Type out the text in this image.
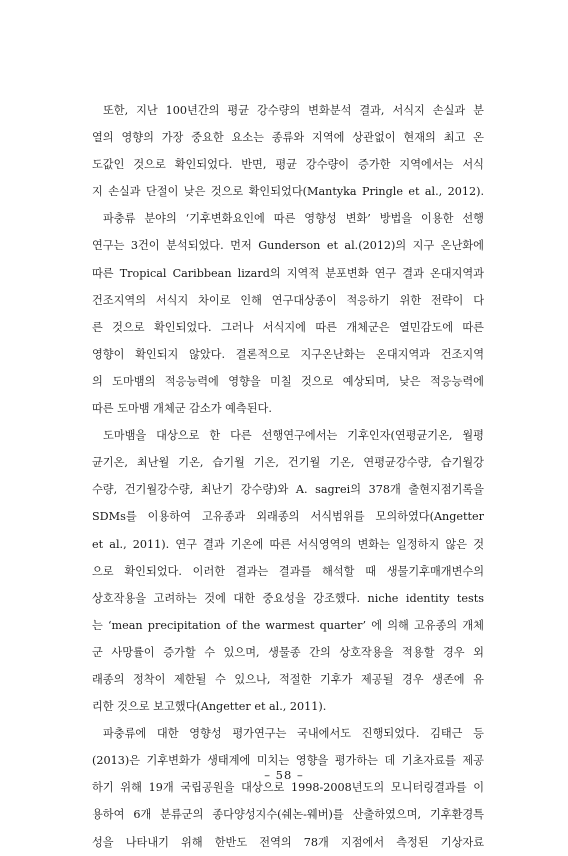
또한, 지난 100년간의 평균 강수량의 변화분석 결과, 서식지 손실과 분
열의 영향의 가장 중요한 요소는 종류와 지역에 상관없이 현재의 최고 온
도값인 것으로 확인되었다. 반면, 평균 강수량이 증가한 지역에서는 서식
지 손실과 단절이 낮은 것으로 확인되었다(Mantyka Pringle et al., 2012).
파충류 분야의 ‘기후변화요인에 따른 영향성 변화’ 방법을 이용한 선행
연구는 3건이 분석되었다. 먼저 Gunderson et al.(2012)의 지구 온난화에
따른 Tropical Caribbean lizard의 지역적 분포변화 연구 결과 온대지역과
건조지역의 서식지 차이로 인해 연구대상종이 적응하기 위한 전략이 다
른 것으로 확인되었다. 그러나 서식지에 따른 개체군은 열민감도에 따른
영향이 확인되지 않았다. 결론적으로 지구온난화는 온대지역과 건조지역
의 도마뱀의 적응능력에 영향을 미칠 것으로 예상되며, 낮은 적응능력에
따른 도마뱀 개체군 감소가 예측된다.
도마뱀을 대상으로 한 다른 선행연구에서는 기후인자(연평균기온, 월평
균기온, 최난월 기온, 습기월 기온, 건기월 기온, 연평균강수량, 습기월강
수량, 건기월강수량, 최난기 강수량)와 A. sagrei의 378개 출현지점기록을
SDMs를 이용하여 고유종과 외래종의 서식범위를 모의하였다(Angetter
et al., 2011). 연구 결과 기온에 따른 서식영역의 변화는 일정하지 않은 것
으로 확인되었다. 이러한 결과는 결과를 해석할 때 생물기후매개변수의
상호작용을 고려하는 것에 대한 중요성을 강조했다. niche identity tests
는 ‘mean precipitation of the warmest quarter’ 에 의해 고유종의 개체
군 사망률이 증가할 수 있으며, 생물종 간의 상호작용을 적용할 경우 외
래종의 정착이 제한될 수 있으나, 적절한 기후가 제공될 경우 생존에 유
리한 것으로 보고했다(Angetter et al., 2011).
파충류에 대한 영향성 평가연구는 국내에서도 진행되었다. 김태근 등
(2013)은 기후변화가 생태계에 미치는 영향을 평가하는 데 기초자료를 제공
하기 위해 19개 국립공원을 대상으로 1998-2008년도의 모니터링결과를 이
용하여 6개 분류군의 종다양성지수(쉐논-웨버)를 산출하였으며, 기후환경특
성을 나타내기 위해 한반도 전역의 78개 지점에서 측정된 기상자료
– 58 –
